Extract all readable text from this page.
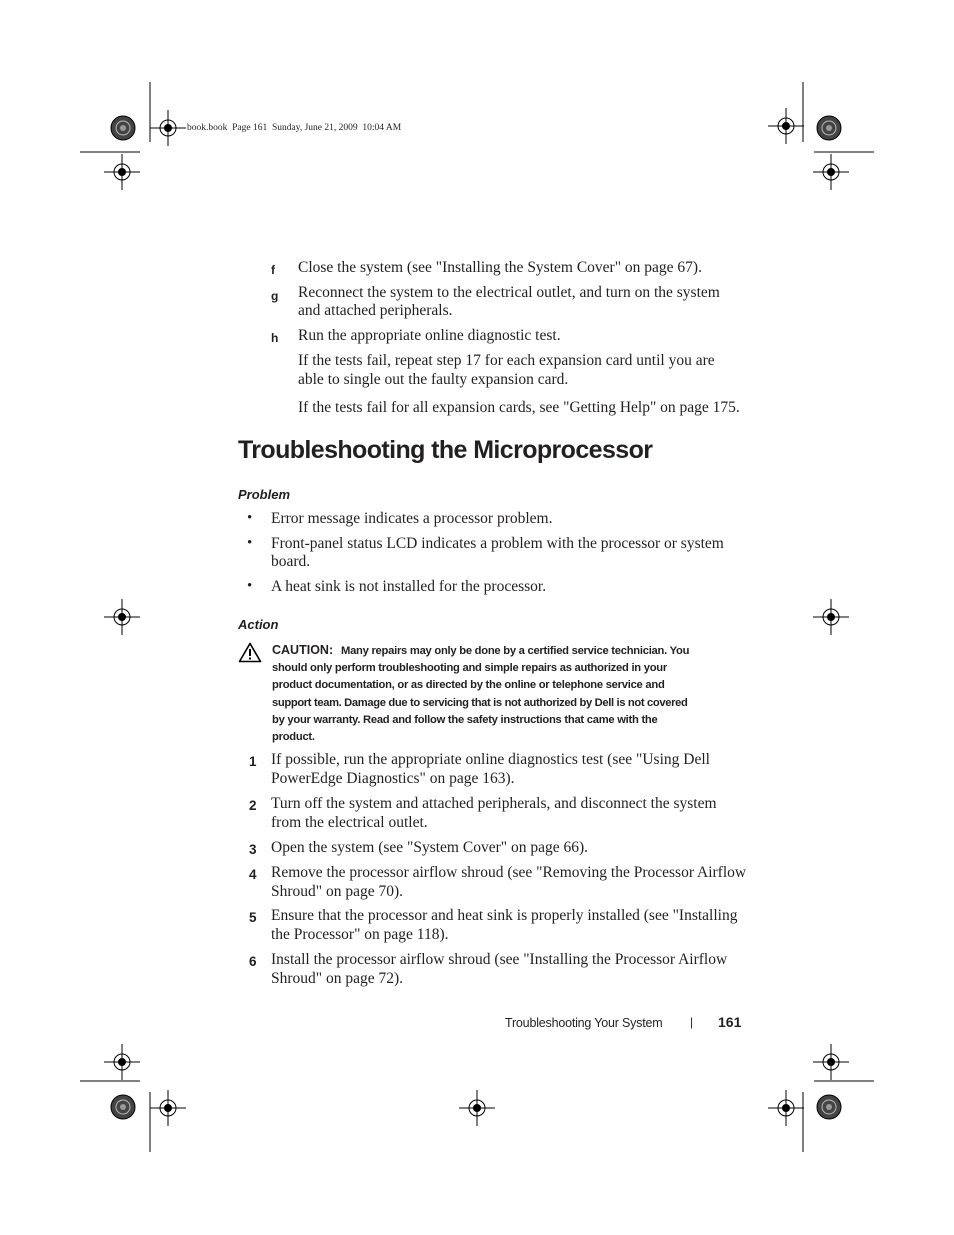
book.book  Page 161  Sunday, June 21, 2009  10:04 AM
f Close the system (see "Installing the System Cover" on page 67).
g Reconnect the system to the electrical outlet, and turn on the system
and attached peripherals.
h Run the appropriate online diagnostic test.
If the tests fail, repeat step 17 for each expansion card until you are
able to single out the faulty expansion card.
If the tests fail for all expansion cards, see "Getting Help" on page 175.
Troubleshooting the Microprocessor
Problem
• Error message indicates a processor problem.
• Front-panel status LCD indicates a problem with the processor or system
board.
• A heat sink is not installed for the processor.
Action
CAUTION: Many repairs may only be done by a certified service technician. You
should only perform troubleshooting and simple repairs as authorized in your
product documentation, or as directed by the online or telephone service and
support team. Damage due to servicing that is not authorized by Dell is not covered
by your warranty. Read and follow the safety instructions that came with the
product.
1 If possible, run the appropriate online diagnostics test (see "Using Dell
PowerEdge Diagnostics" on page 163).
2 Turn off the system and attached peripherals, and disconnect the system
from the electrical outlet.
3 Open the system (see "System Cover" on page 66).
4 Remove the processor airflow shroud (see "Removing the Processor Airflow
Shroud" on page 70).
5 Ensure that the processor and heat sink is properly installed (see "Installing
the Processor" on page 118).
6 Install the processor airflow shroud (see "Installing the Processor Airflow
Shroud" on page 72).
Troubleshooting Your System | 161
